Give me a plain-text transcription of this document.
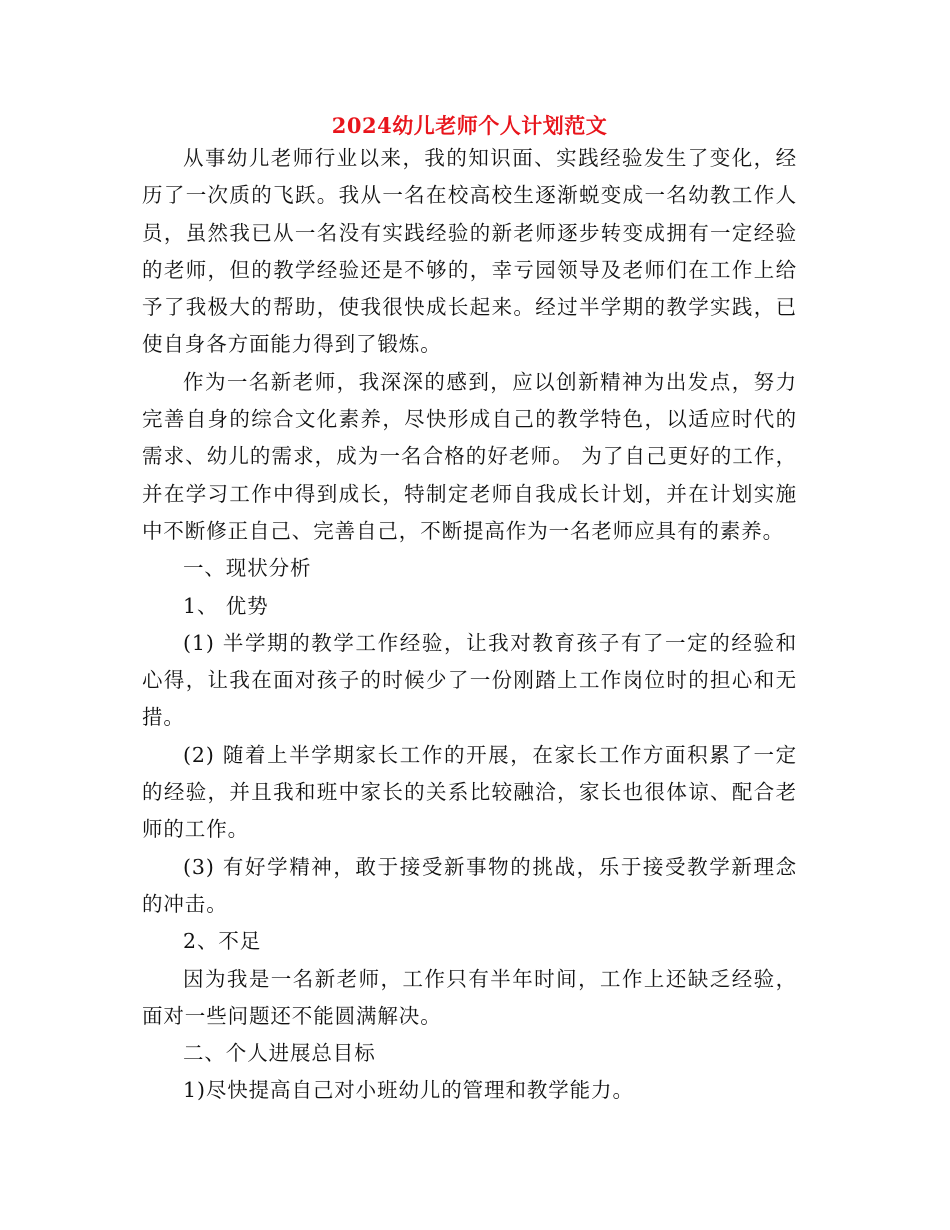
2024幼儿老师个人计划范文

从事幼儿老师行业以来，我的知识面、实践经验发生了变化，经历了一次质的飞跃。我从一名在校高校生逐渐蜕变成一名幼教工作人员，虽然我已从一名没有实践经验的新老师逐步转变成拥有一定经验的老师，但的教学经验还是不够的，幸亏园领导及老师们在工作上给予了我极大的帮助，使我很快成长起来。经过半学期的教学实践，已使自身各方面能力得到了锻炼。

作为一名新老师，我深深的感到，应以创新精神为出发点，努力完善自身的综合文化素养，尽快形成自己的教学特色，以适应时代的需求、幼儿的需求，成为一名合格的好老师。 为了自己更好的工作，并在学习工作中得到成长，特制定老师自我成长计划，并在计划实施中不断修正自己、完善自己，不断提高作为一名老师应具有的素养。

一、现状分析

1、 优势

(1) 半学期的教学工作经验，让我对教育孩子有了一定的经验和心得，让我在面对孩子的时候少了一份刚踏上工作岗位时的担心和无措。

(2) 随着上半学期家长工作的开展，在家长工作方面积累了一定的经验，并且我和班中家长的关系比较融洽，家长也很体谅、配合老师的工作。

(3) 有好学精神，敢于接受新事物的挑战，乐于接受教学新理念的冲击。

2、不足

因为我是一名新老师，工作只有半年时间，工作上还缺乏经验，面对一些问题还不能圆满解决。

二、个人进展总目标

1)尽快提高自己对小班幼儿的管理和教学能力。
